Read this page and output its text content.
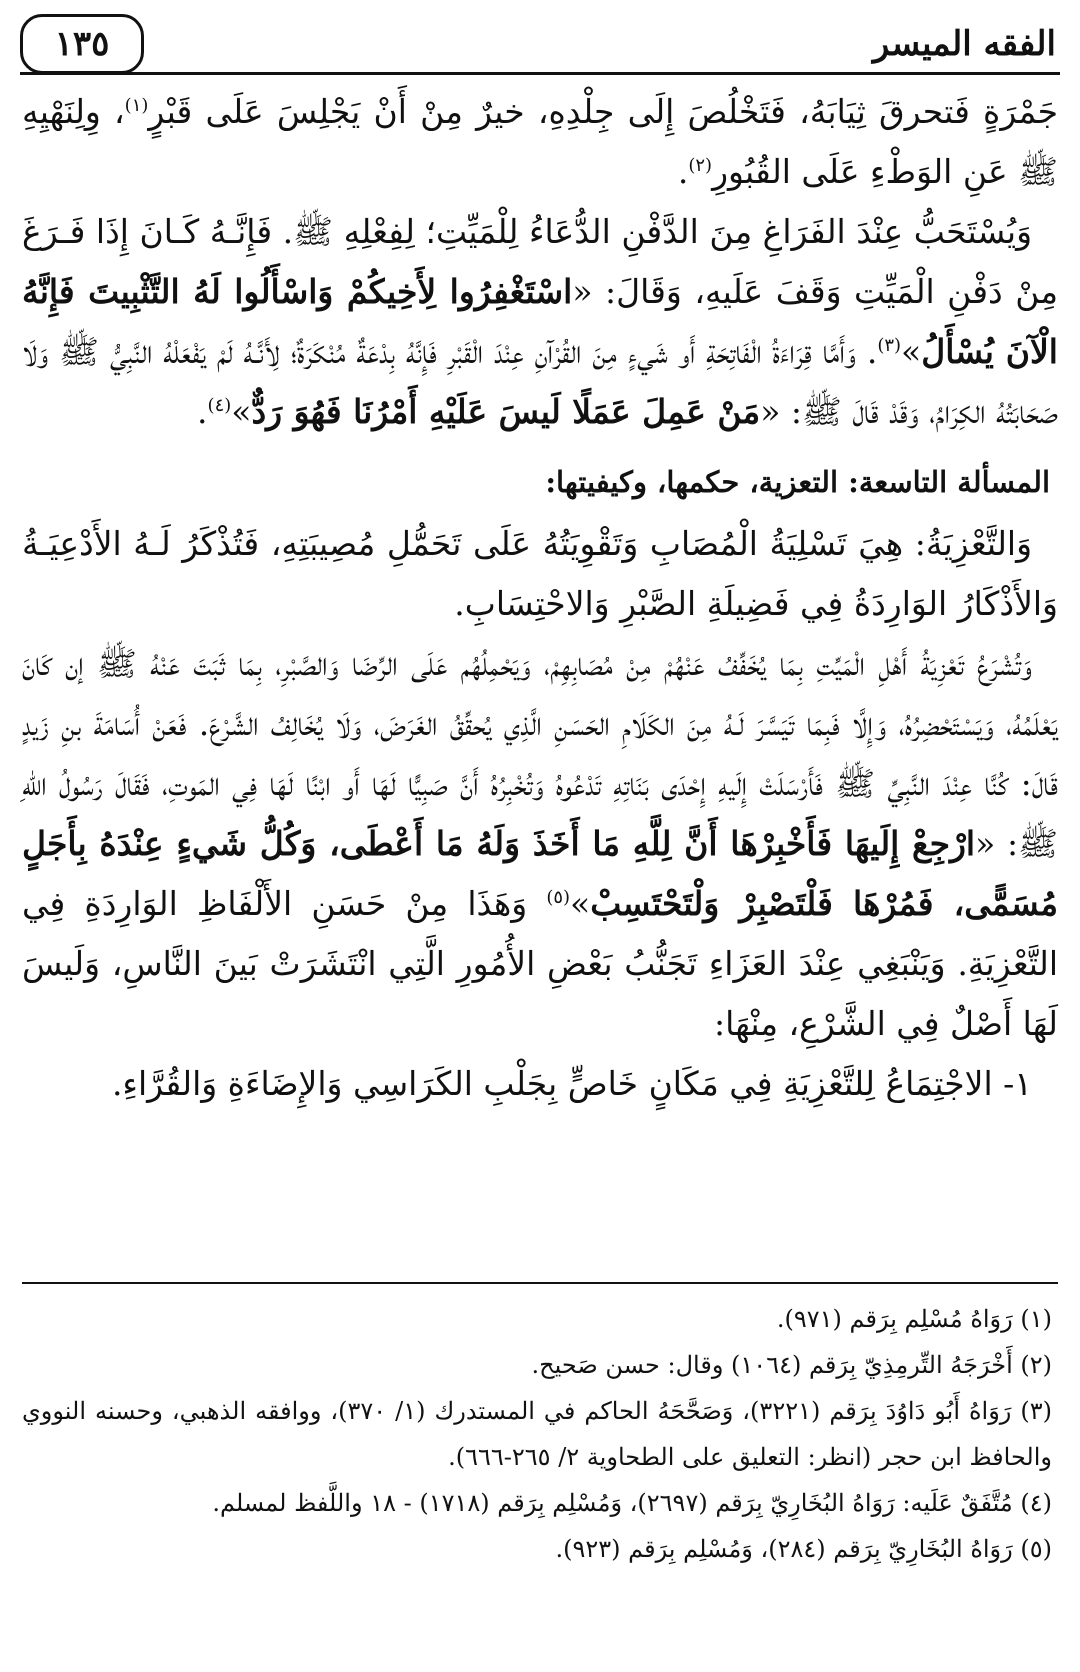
الفقه الميسر
١٣٥

جَمْرَةٍ فَتحرقَ ثِيَابَهُ، فَتَخْلُصَ إِلَى جِلْدِهِ، خيرٌ مِنْ أَنْ يَجْلِسَ عَلَى قَبْرٍ$^{(١)}$، وِلِنَهْيِهِ ﷺ عَنِ الوَطْءِ عَلَى القُبُورِ$^{(٢)}$.

وَيُسْتَحَبُّ عِنْدَ الفَرَاغِ مِنَ الدَّفْنِ الدُّعَاءُ لِلْمَيِّتِ؛ لِفِعْلِهِ ﷺ. فَإِنَّـهُ كَـانَ إِذَا فَـرَغَ مِنْ دَفْنِ الْمَيِّتِ وَقَفَ عَلَيهِ، وَقَالَ: «اسْتَغْفِرُوا لِأَخِيكُمْ وَاسْأَلُوا لَهُ التَّثْبِيتَ فَإِنَّهُ الْآنَ يُسْأَلُ»$^{(٣)}$. وَأَمَّا قِرَاءَةُ الْفَاتِحَةِ أَو شَيءٍ مِنَ القُرْآنِ عِنْدَ الْقَبْرِ فَإِنَّهُ بِدْعَةٌ مُنْكَرَةٌ؛ لِأَنَّـهُ لَمْ يَفْعَلْهُ النَّبِيُّ ﷺ وَلَا صَحَابَتُهُ الكِرَامُ، وَقَدْ قَالَ ﷺ: «مَنْ عَمِلَ عَمَلًا لَيسَ عَلَيْهِ أَمْرُنَا فَهُوَ رَدٌّ»$^{(٤)}$.

المسألة التاسعة: التعزية، حكمها، وكيفيتها:

وَالتَّعْزِيَةُ: هِيَ تَسْلِيَةُ الْمُصَابِ وَتَقْوِيَتُهُ عَلَى تَحَمُّلِ مُصِيبَتِهِ، فَتُذْكَرُ لَـهُ الأَدْعِيَـةُ وَالأَذْكَارُ الوَارِدَةُ فِي فَضِيلَةِ الصَّبْرِ وَالاحْتِسَابِ.

وَتُشْرَعُ تَعْزِيَةُ أَهْلِ الْمَيِّتِ بِمَا يُخَفِّفُ عَنْهُمْ مِنْ مُصَابِهِمْ، وَيَحْمِلُهُم عَلَى الرِّضَا وَالصَّبْرِ، بِمَا ثَبَتَ عَنْهُ ﷺ إن كَانَ يَعْلَمُهُ، وَيَسْتَحْضِرُهُ، وَإِلَّا فَبِمَا تَيَسَّرَ لَـهُ مِنَ الكَلَامِ الحَسَنِ الَّذِي يُحقِّقُ الغَرَضَ، وَلَا يُخَالِفُ الشَّرْعَ. فَعَنْ أُسَامَةَ بنِ زَيدٍ قَالَ: كُنَّا عِنْدَ النَّبِيِّ ﷺ فَأَرْسَلَتْ إِلَيهِ إِحْدَى بَنَاتِهِ تَدْعُوهُ وَتُخْبِرُهُ أَنَّ صَبِيًّا لَهَا أَو ابْنًا لَهَا فِي المَوتِ، فَقَالَ رَسُولُ اللهِ ﷺ: «ارْجِعْ إِلَيهَا فَأَخْبِرْهَا أَنَّ لِلَّهِ مَا أَخَذَ وَلَهُ مَا أَعْطَى، وَكُلُّ شَيءٍ عِنْدَهُ بِأَجَلٍ مُسَمًّى، فَمُرْهَا فَلْتَصْبِرْ وَلْتَحْتَسِبْ»$^{(٥)}$ وَهَذَا مِنْ حَسَنِ الأَلْفَاظِ الوَارِدَةِ فِي التَّعْزِيَةِ. وَيَنْبَغِي عِنْدَ العَزَاءِ تَجَنُّبُ بَعْضِ الأُمُورِ الَّتِي انْتَشَرَتْ بَينَ النَّاسِ، وَلَيسَ لَهَا أَصْلٌ فِي الشَّرْعِ، مِنْهَا:

١- الاجْتِمَاعُ لِلتَّعْزِيَةِ فِي مَكَانٍ خَاصٍّ بِجَلْبِ الكَرَاسِي وَالإِضَاءَةِ وَالقُرَّاءِ.

(١) رَوَاهُ مُسْلِم بِرَقم (٩٧١).

(٢) أَخْرَجَهُ التِّرمِذِيّ بِرَقم (١٠٦٤) وقال: حسن صَحيح.

(٣) رَوَاهُ أَبُو دَاوُدَ بِرَقم (٣٢٢١)، وَصَحَّحَهُ الحاكم في المستدرك (١/ ٣٧٠)، ووافقه الذهبي، وحسنه النووي والحافظ ابن حجر (انظر: التعليق على الطحاوية ٢/ ٢٦٥-٦٦٦).

(٤) مُتَّفَقٌ عَلَيه: رَوَاهُ البُخَارِيّ بِرَقم (٢٦٩٧)، وَمُسْلِم بِرَقم (١٧١٨) - ١٨ واللَّفظ لمسلم.

(٥) رَوَاهُ البُخَارِيّ بِرَقم (٢٨٤)، وَمُسْلِم بِرَقم (٩٢٣).
